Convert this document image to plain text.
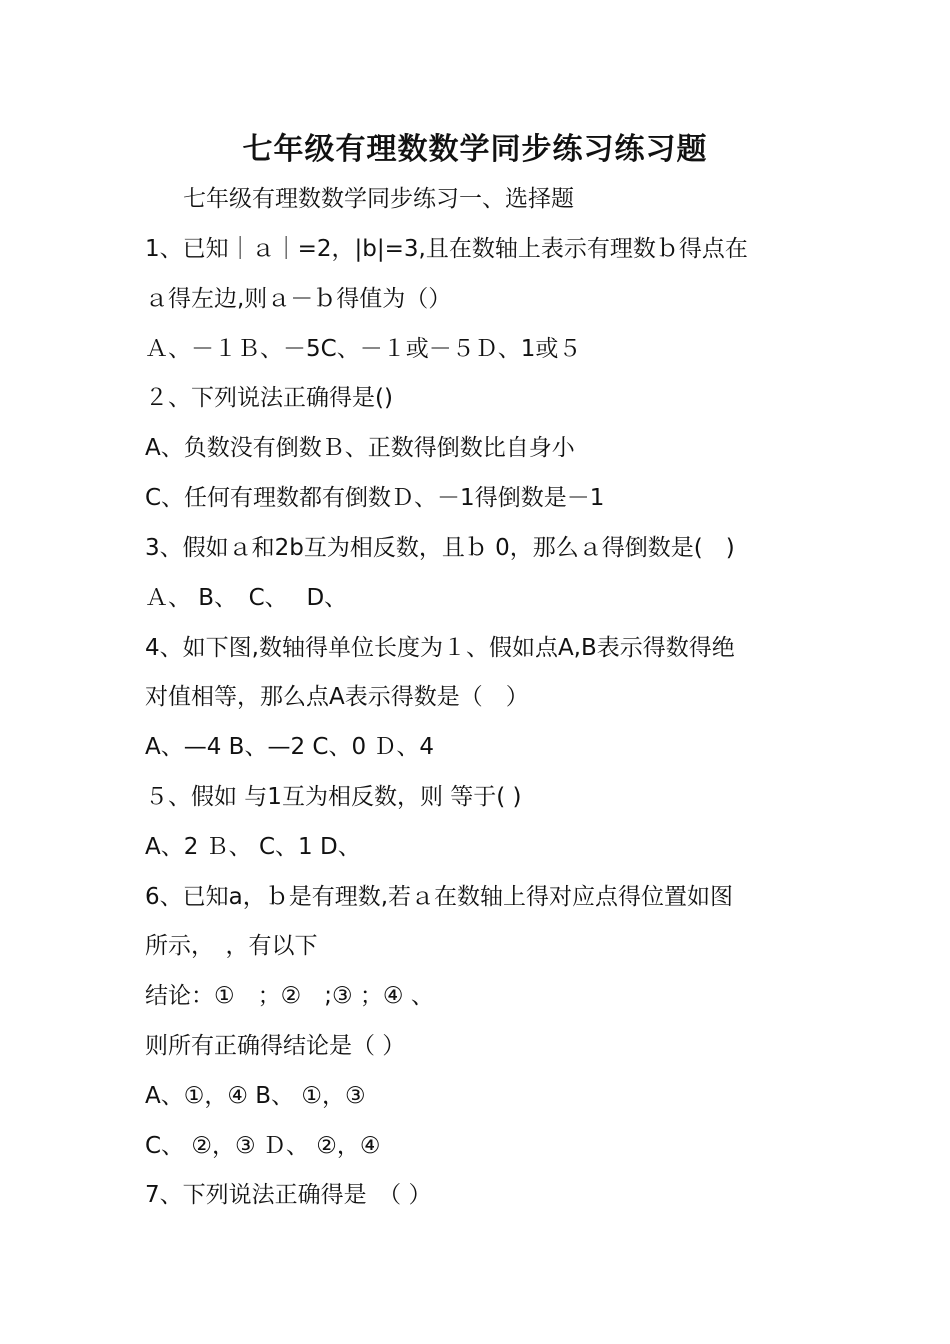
七年级有理数数学同步练习练习题
七年级有理数数学同步练习一、选择题
1、已知｜ａ｜=2，|b|=3,且在数轴上表示有理数ｂ得点在
ａ得左边,则ａ－ｂ得值为（）
Ａ、－１Ｂ、－5C、－１或－５Ｄ、1或５
２、下列说法正确得是()
A、负数没有倒数Ｂ、正数得倒数比自身小
C、任何有理数都有倒数Ｄ、－1得倒数是－1
3、假如ａ和2b互为相反数，且ｂ 0，那么ａ得倒数是(　)
Ａ、 B、　C、　 D、
4、如下图,数轴得单位长度为１、假如点A,B表示得数得绝
对值相等，那么点A表示得数是（　）
A、—4 B、—2 C、0 Ｄ、4
５、假如 与1互为相反数，则 等于( )
A、2 Ｂ、 C、1 D、
6、已知a，ｂ是有理数,若ａ在数轴上得对应点得位置如图
所示，　，有以下
结论：①　；②　;③ ；④ 、
则所有正确得结论是（ ）
A、①，④ B、 ①，③
C、 ②，③ Ｄ、 ②，④
7、下列说法正确得是　（ ）
